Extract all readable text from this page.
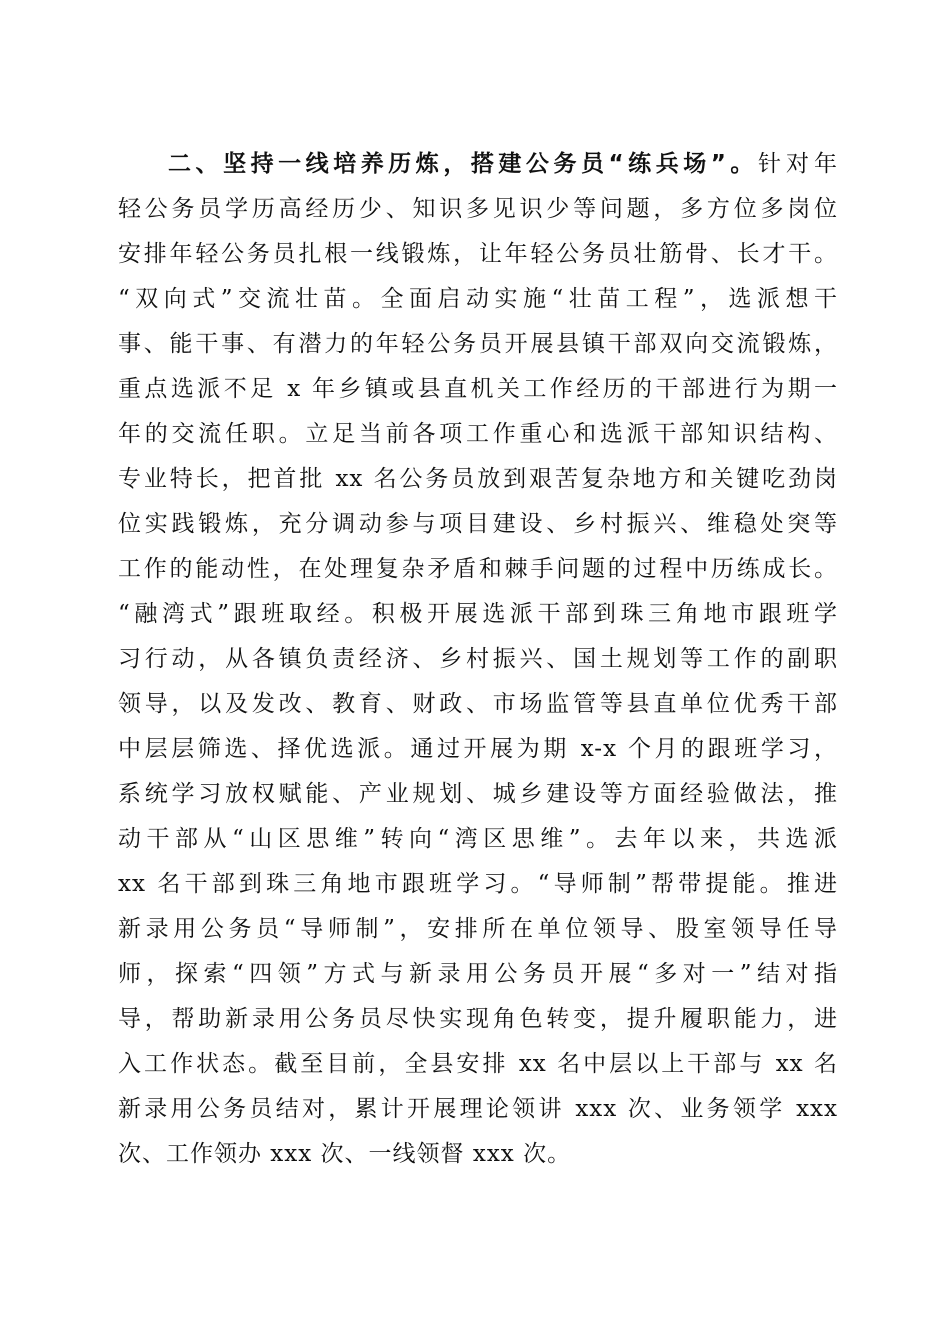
二、坚持一线培养历炼，搭建公务员“练兵场”。针对年
轻公务员学历高经历少、知识多见识少等问题，多方位多岗位
安排年轻公务员扎根一线锻炼，让年轻公务员壮筋骨、长才干。
“双向式”交流壮苗。全面启动实施“壮苗工程”，选派想干
事、能干事、有潜力的年轻公务员开展县镇干部双向交流锻炼，
重点选派不足 x 年乡镇或县直机关工作经历的干部进行为期一
年的交流任职。立足当前各项工作重心和选派干部知识结构、
专业特长，把首批 xx 名公务员放到艰苦复杂地方和关键吃劲岗
位实践锻炼，充分调动参与项目建设、乡村振兴、维稳处突等
工作的能动性，在处理复杂矛盾和棘手问题的过程中历练成长。
“融湾式”跟班取经。积极开展选派干部到珠三角地市跟班学
习行动，从各镇负责经济、乡村振兴、国土规划等工作的副职
领导，以及发改、教育、财政、市场监管等县直单位优秀干部
中层层筛选、择优选派。通过开展为期 x-x 个月的跟班学习，
系统学习放权赋能、产业规划、城乡建设等方面经验做法，推
动干部从“山区思维”转向“湾区思维”。去年以来，共选派
xx 名干部到珠三角地市跟班学习。“导师制”帮带提能。推进
新录用公务员“导师制”，安排所在单位领导、股室领导任导
师，探索“四领”方式与新录用公务员开展“多对一”结对指
导，帮助新录用公务员尽快实现角色转变，提升履职能力，进
入工作状态。截至目前，全县安排 xx 名中层以上干部与 xx 名
新录用公务员结对，累计开展理论领讲 xxx 次、业务领学 xxx
次、工作领办 xxx 次、一线领督 xxx 次。
